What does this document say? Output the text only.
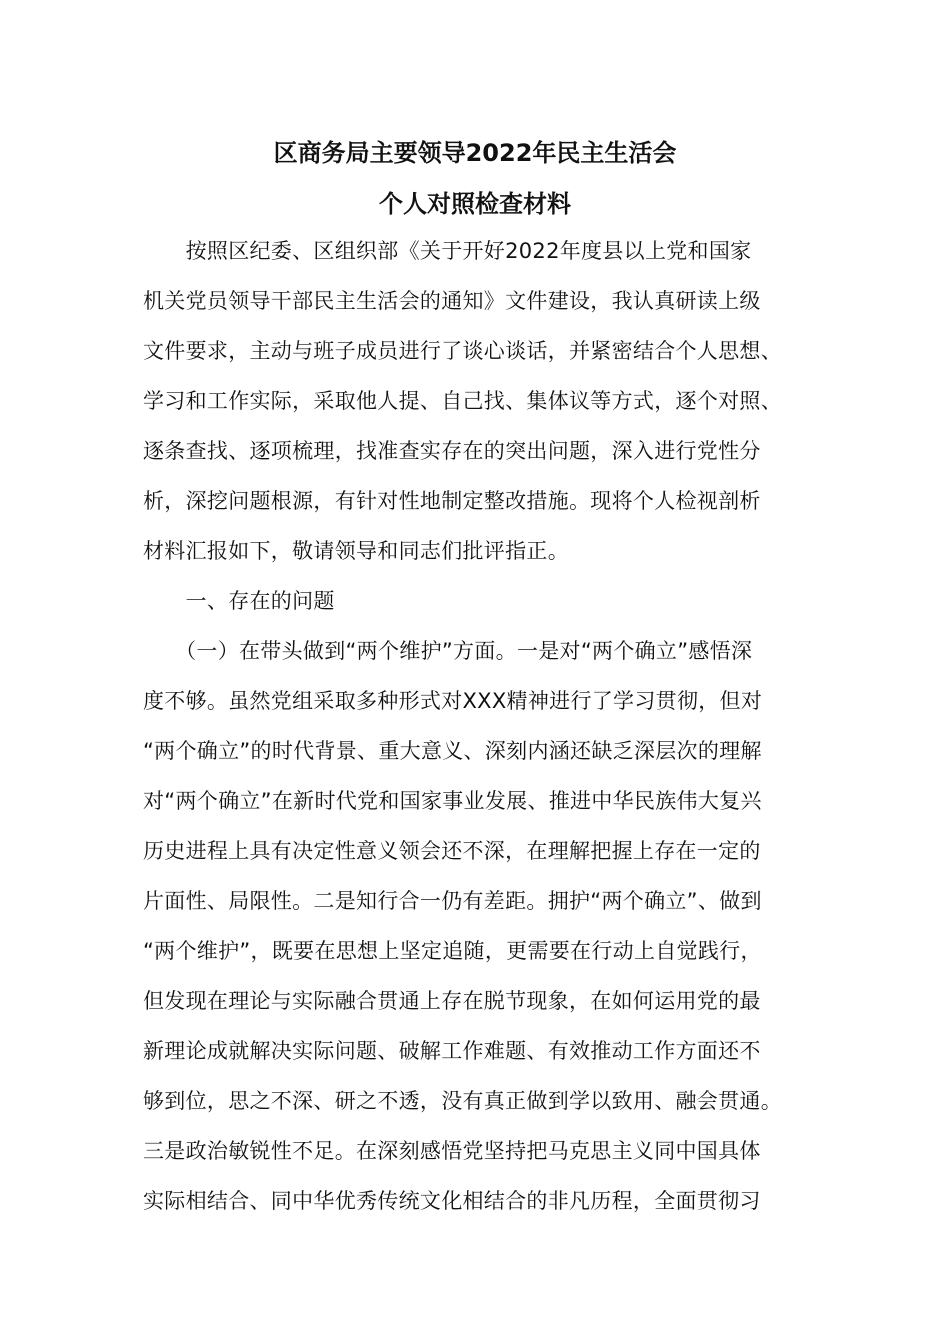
区商务局主要领导2022年民主生活会
个人对照检查材料
　　按照区纪委、区组织部《关于开好2022年度县以上党和国家
机关党员领导干部民主生活会的通知》文件建设，我认真研读上级
文件要求，主动与班子成员进行了谈心谈话，并紧密结合个人思想、
学习和工作实际，采取他人提、自己找、集体议等方式，逐个对照、
逐条查找、逐项梳理，找准查实存在的突出问题，深入进行党性分
析，深挖问题根源，有针对性地制定整改措施。现将个人检视剖析
材料汇报如下，敬请领导和同志们批评指正。
　　一、存在的问题
　　（一）在带头做到“两个维护”方面。一是对“两个确立”感悟深
度不够。虽然党组采取多种形式对XXX精神进行了学习贯彻，但对
“两个确立”的时代背景、重大意义、深刻内涵还缺乏深层次的理解
对“两个确立”在新时代党和国家事业发展、推进中华民族伟大复兴
历史进程上具有决定性意义领会还不深，在理解把握上存在一定的
片面性、局限性。二是知行合一仍有差距。拥护“两个确立”、做到
“两个维护”，既要在思想上坚定追随，更需要在行动上自觉践行，
但发现在理论与实际融合贯通上存在脱节现象，在如何运用党的最
新理论成就解决实际问题、破解工作难题、有效推动工作方面还不
够到位，思之不深、研之不透，没有真正做到学以致用、融会贯通。
三是政治敏锐性不足。在深刻感悟党坚持把马克思主义同中国具体
实际相结合、同中华优秀传统文化相结合的非凡历程，全面贯彻习
